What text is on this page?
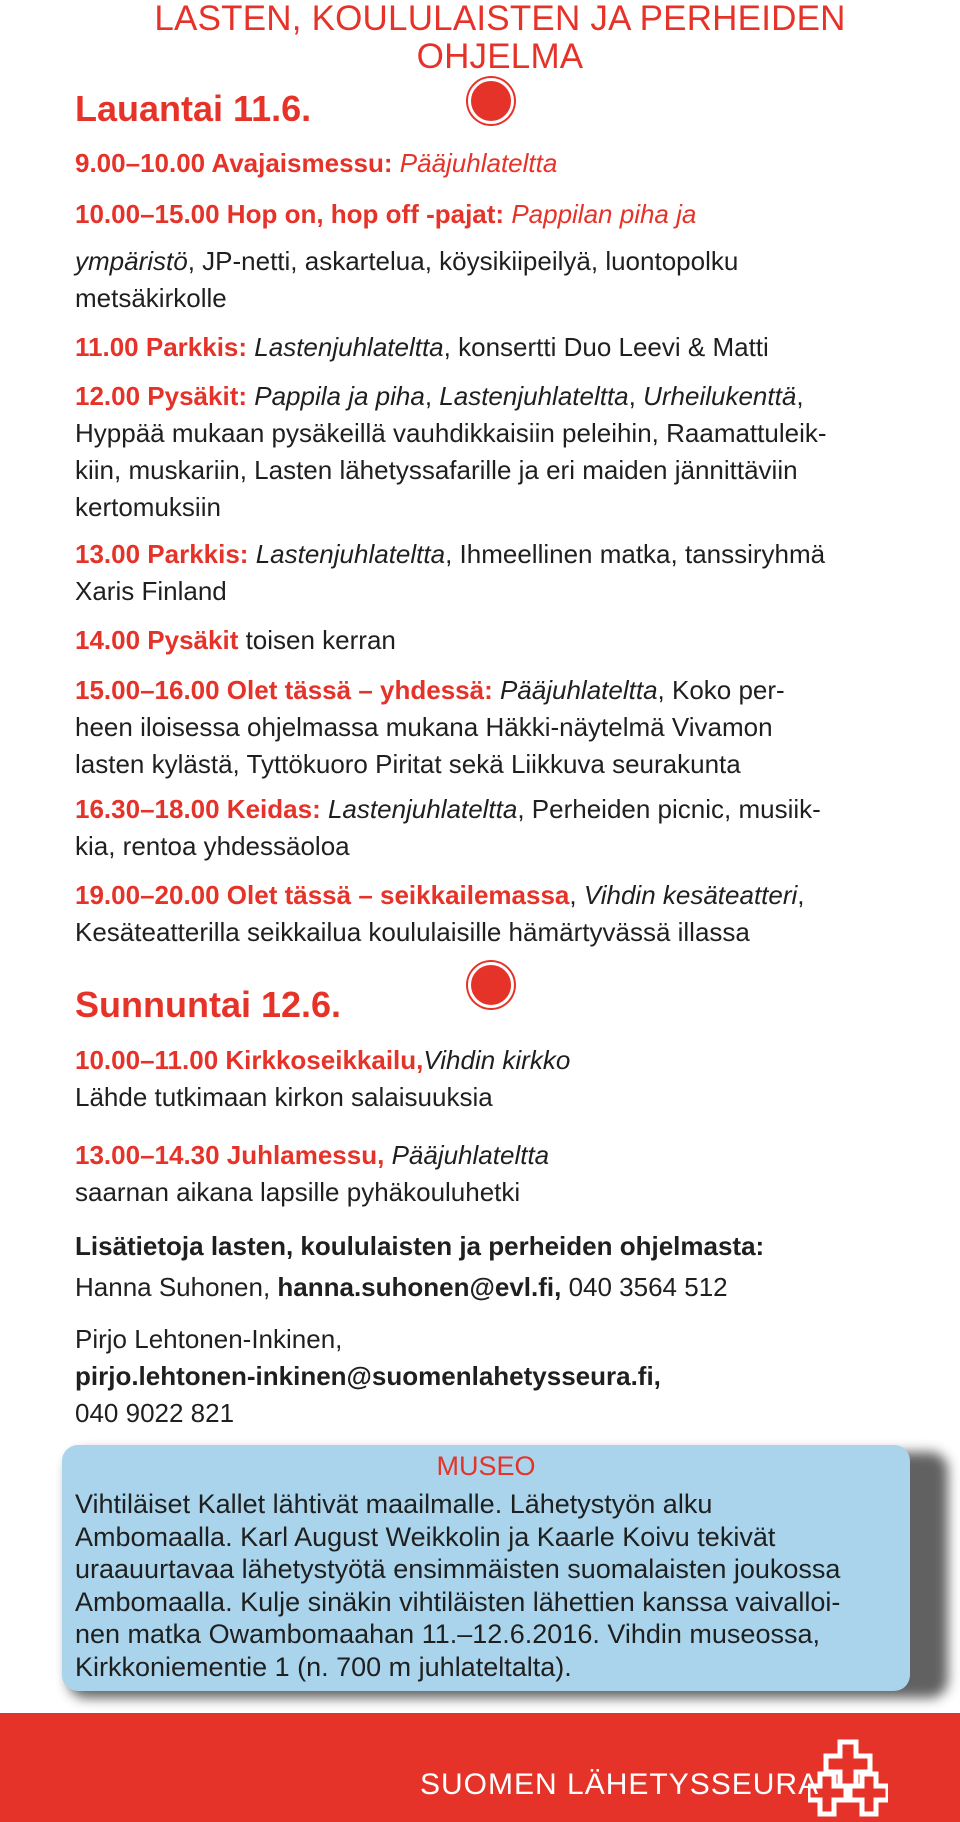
LASTEN, KOULULAISTEN JA PERHEIDEN
OHJELMA
Lauantai 11.6.
9.00–10.00 Avajaismessu: Pääjuhlateltta
10.00–15.00 Hop on, hop off -pajat: Pappilan piha ja
ympäristö, JP-netti, askartelua, köysikiipeilyä, luontopolku
metsäkirkolle
11.00 Parkkis: Lastenjuhlateltta, konsertti Duo Leevi & Matti
12.00 Pysäkit: Pappila ja piha, Lastenjuhlateltta, Urheilukenttä,
Hyppää mukaan pysäkeillä vauhdikkaisiin peleihin, Raamattuleik-
kiin, muskariin, Lasten lähetyssafarille ja eri maiden jännittäviin
kertomuksiin
13.00 Parkkis: Lastenjuhlateltta, Ihmeellinen matka, tanssiryhmä
Xaris Finland
14.00 Pysäkit toisen kerran
15.00–16.00 Olet tässä – yhdessä: Pääjuhlateltta, Koko per-
heen iloisessa ohjelmassa mukana Häkki-näytelmä Vivamon
lasten kylästä, Tyttökuoro Piritat sekä Liikkuva seurakunta
16.30–18.00 Keidas: Lastenjuhlateltta, Perheiden picnic, musiik-
kia, rentoa yhdessäoloa
19.00–20.00 Olet tässä – seikkailemassa, Vihdin kesäteatteri,
Kesäteatterilla seikkailua koululaisille hämärtyvässä illassa
Sunnuntai 12.6.
10.00–11.00 Kirkkoseikkailu,Vihdin kirkko
Lähde tutkimaan kirkon salaisuuksia
13.00–14.30 Juhlamessu, Pääjuhlateltta
saarnan aikana lapsille pyhäkouluhetki
Lisätietoja lasten, koululaisten ja perheiden ohjelmasta:
Hanna Suhonen, hanna.suhonen@evl.fi, 040 3564 512
Pirjo Lehtonen-Inkinen,
pirjo.lehtonen-inkinen@suomenlahetysseura.fi,
040 9022 821
MUSEO
Vihtiläiset Kallet lähtivät maailmalle. Lähetystyön alku
Ambomaalla. Karl August Weikkolin ja Kaarle Koivu tekivät
uraauurtavaa lähetystyötä ensimmäisten suomalaisten joukossa
Ambomaalla. Kulje sinäkin vihtiläisten lähettien kanssa vaivalloi-
nen matka Owambomaahan 11.–12.6.2016. Vihdin museossa,
Kirkkoniementie 1 (n. 700 m juhlateltalta).
SUOMEN LÄHETYSSEURA
